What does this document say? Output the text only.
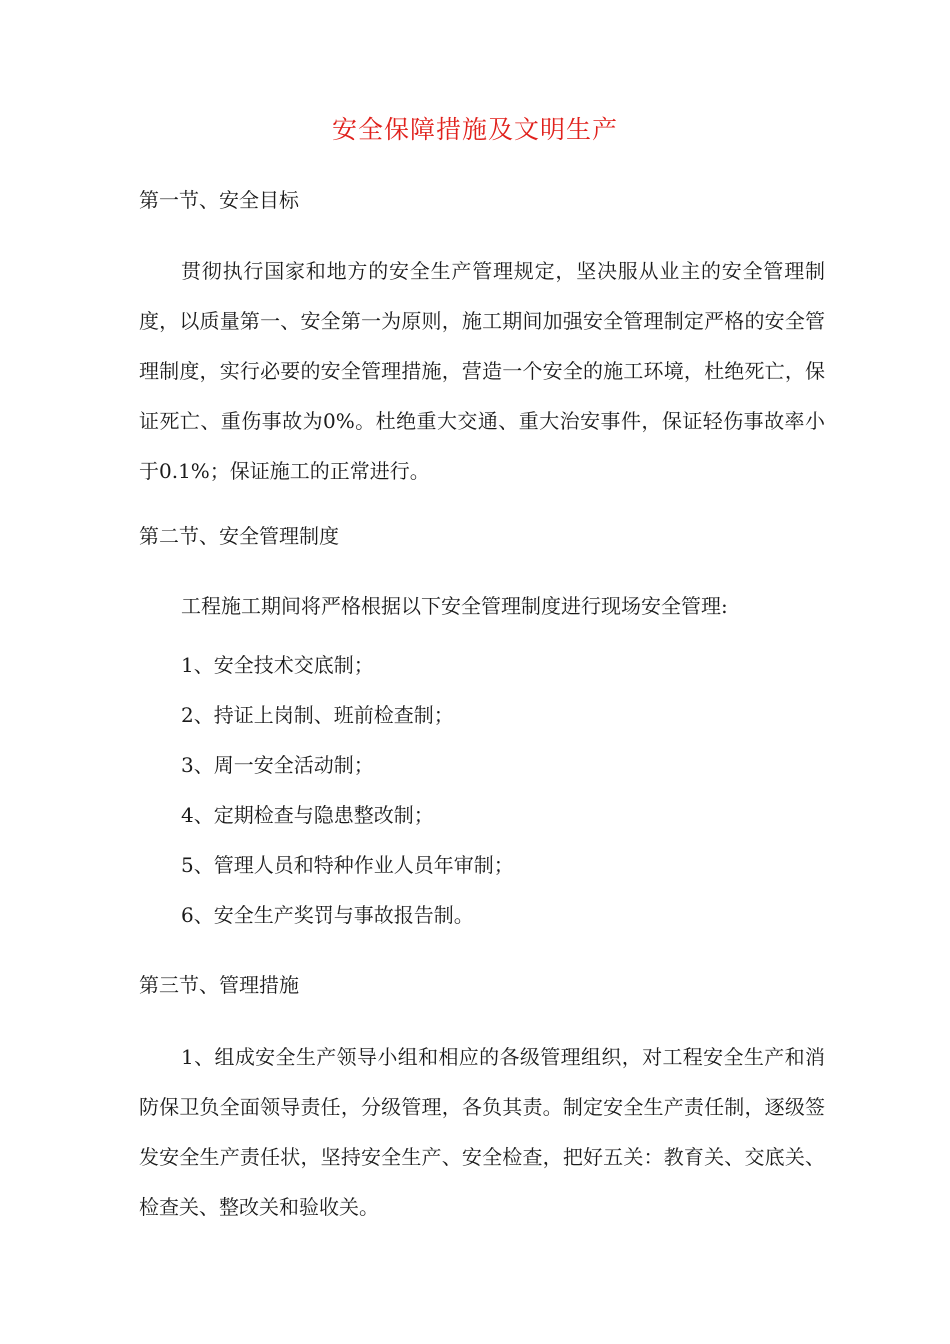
安全保障措施及文明生产
第一节、安全目标

贯彻执行国家和地方的安全生产管理规定，坚决服从业主的安全管理制度，以质量第一、安全第一为原则，施工期间加强安全管理制定严格的安全管理制度，实行必要的安全管理措施，营造一个安全的施工环境，杜绝死亡，保证死亡、重伤事故为0%。杜绝重大交通、重大治安事件，保证轻伤事故率小于0.1%；保证施工的正常进行。

第二节、安全管理制度
工程施工期间将严格根据以下安全管理制度进行现场安全管理:
1、安全技术交底制；
2、持证上岗制、班前检查制；
3、周一安全活动制；
4、定期检查与隐患整改制；
5、管理人员和特种作业人员年审制；
6、安全生产奖罚与事故报告制。
第三节、管理措施

1、组成安全生产领导小组和相应的各级管理组织，对工程安全生产和消防保卫负全面领导责任，分级管理，各负其责。制定安全生产责任制，逐级签发安全生产责任状，坚持安全生产、安全检查，把好五关：教育关、交底关、检查关、整改关和验收关。
